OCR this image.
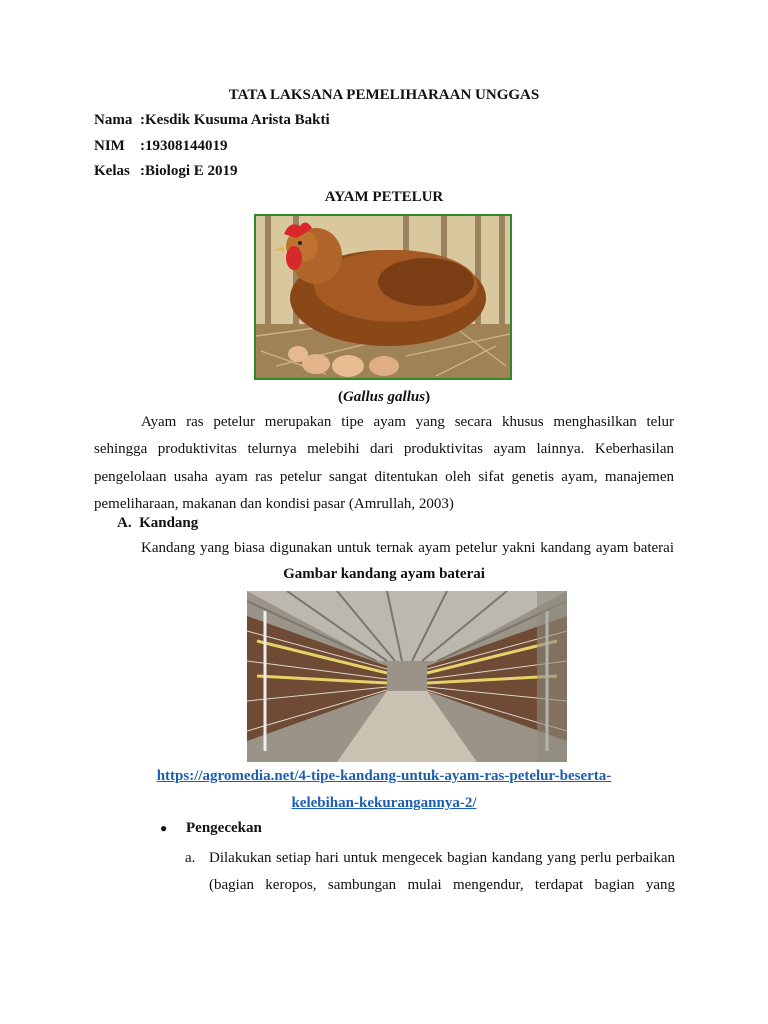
TATA LAKSANA PEMELIHARAAN UNGGAS
Nama :Kesdik Kusuma Arista Bakti
NIM :19308144019
Kelas :Biologi E 2019
AYAM PETELUR
(Gallus gallus)
Ayam ras petelur merupakan tipe ayam yang secara khusus menghasilkan telur
sehingga produktivitas telurnya melebihi dari produktivitas ayam lainnya. Keberhasilan
pengelolaan usaha ayam ras petelur sangat ditentukan oleh sifat genetis ayam, manajemen
pemeliharaan, makanan dan kondisi pasar (Amrullah, 2003)
A.  Kandang
Kandang yang biasa digunakan untuk ternak ayam petelur yakni kandang ayam baterai
Gambar kandang ayam baterai
https://agromedia.net/4-tipe-kandang-untuk-ayam-ras-petelur-beserta-
kelebihan-kekurangannya-2/
● Pengecekan
a. Dilakukan setiap hari untuk mengecek bagian kandang yang perlu perbaikan
(bagian keropos, sambungan mulai mengendur, terdapat bagian yang
